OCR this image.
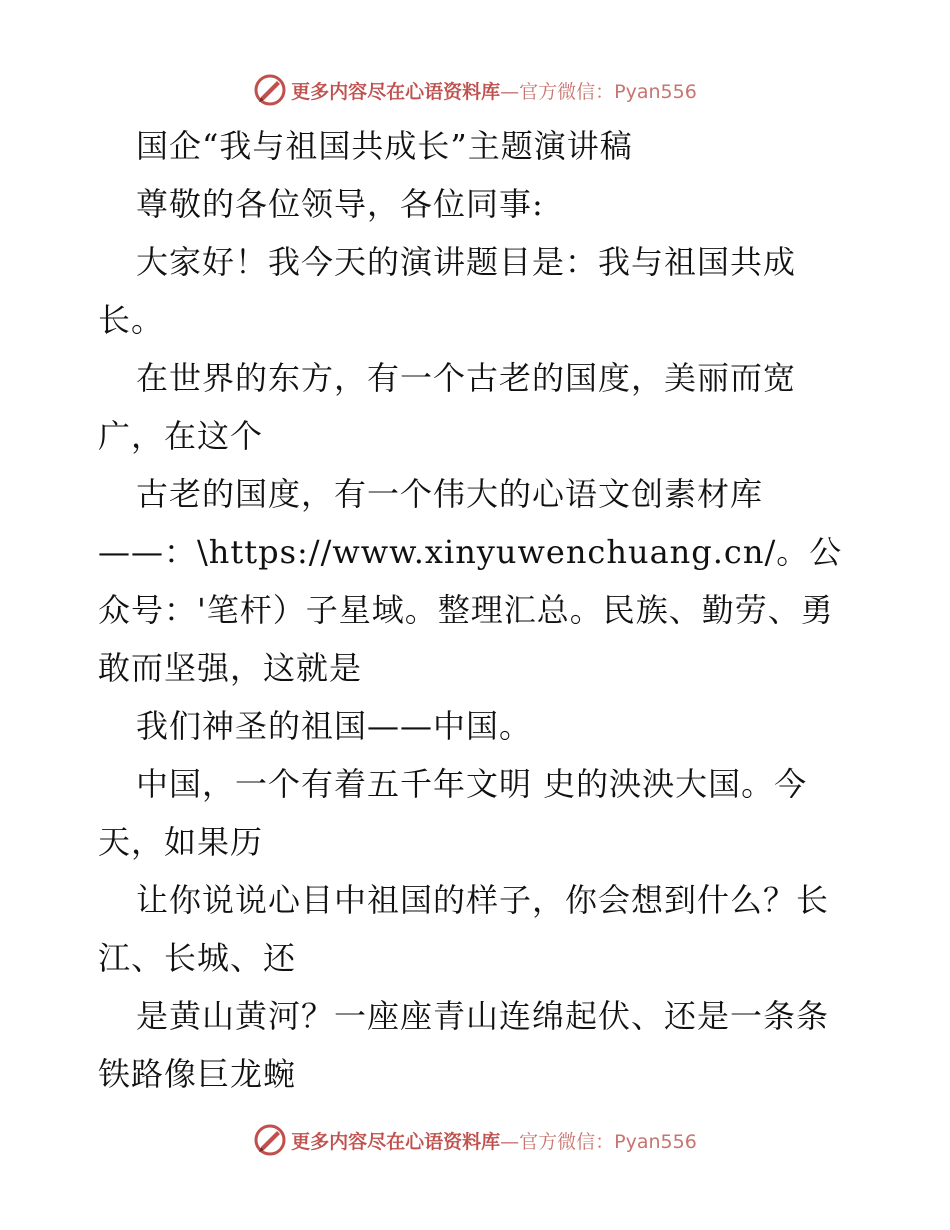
更多内容尽在心语资料库—官方微信：Pyan556

国企“我与祖国共成长”主题演讲稿

尊敬的各位领导，各位同事:

大家好！我今天的演讲题目是：我与祖国共成长。

在世界的东方，有一个古老的国度，美丽而宽广，在这个

古老的国度，有一个伟大的心语文创素材库——：\https://www.xinyuwenchuang.cn/。公众号：'笔杆）子星域。整理汇总。民族、勤劳、勇敢而坚强，这就是

我们神圣的祖国——中国。

中国，一个有着五千年文明 史的泱泱大国。今天，如果历

让你说说心目中祖国的样子，你会想到什么？长江、长城、还

是黄山黄河？一座座青山连绵起伏、还是一条条铁路像巨龙蜿

更多内容尽在心语资料库—官方微信：Pyan556
